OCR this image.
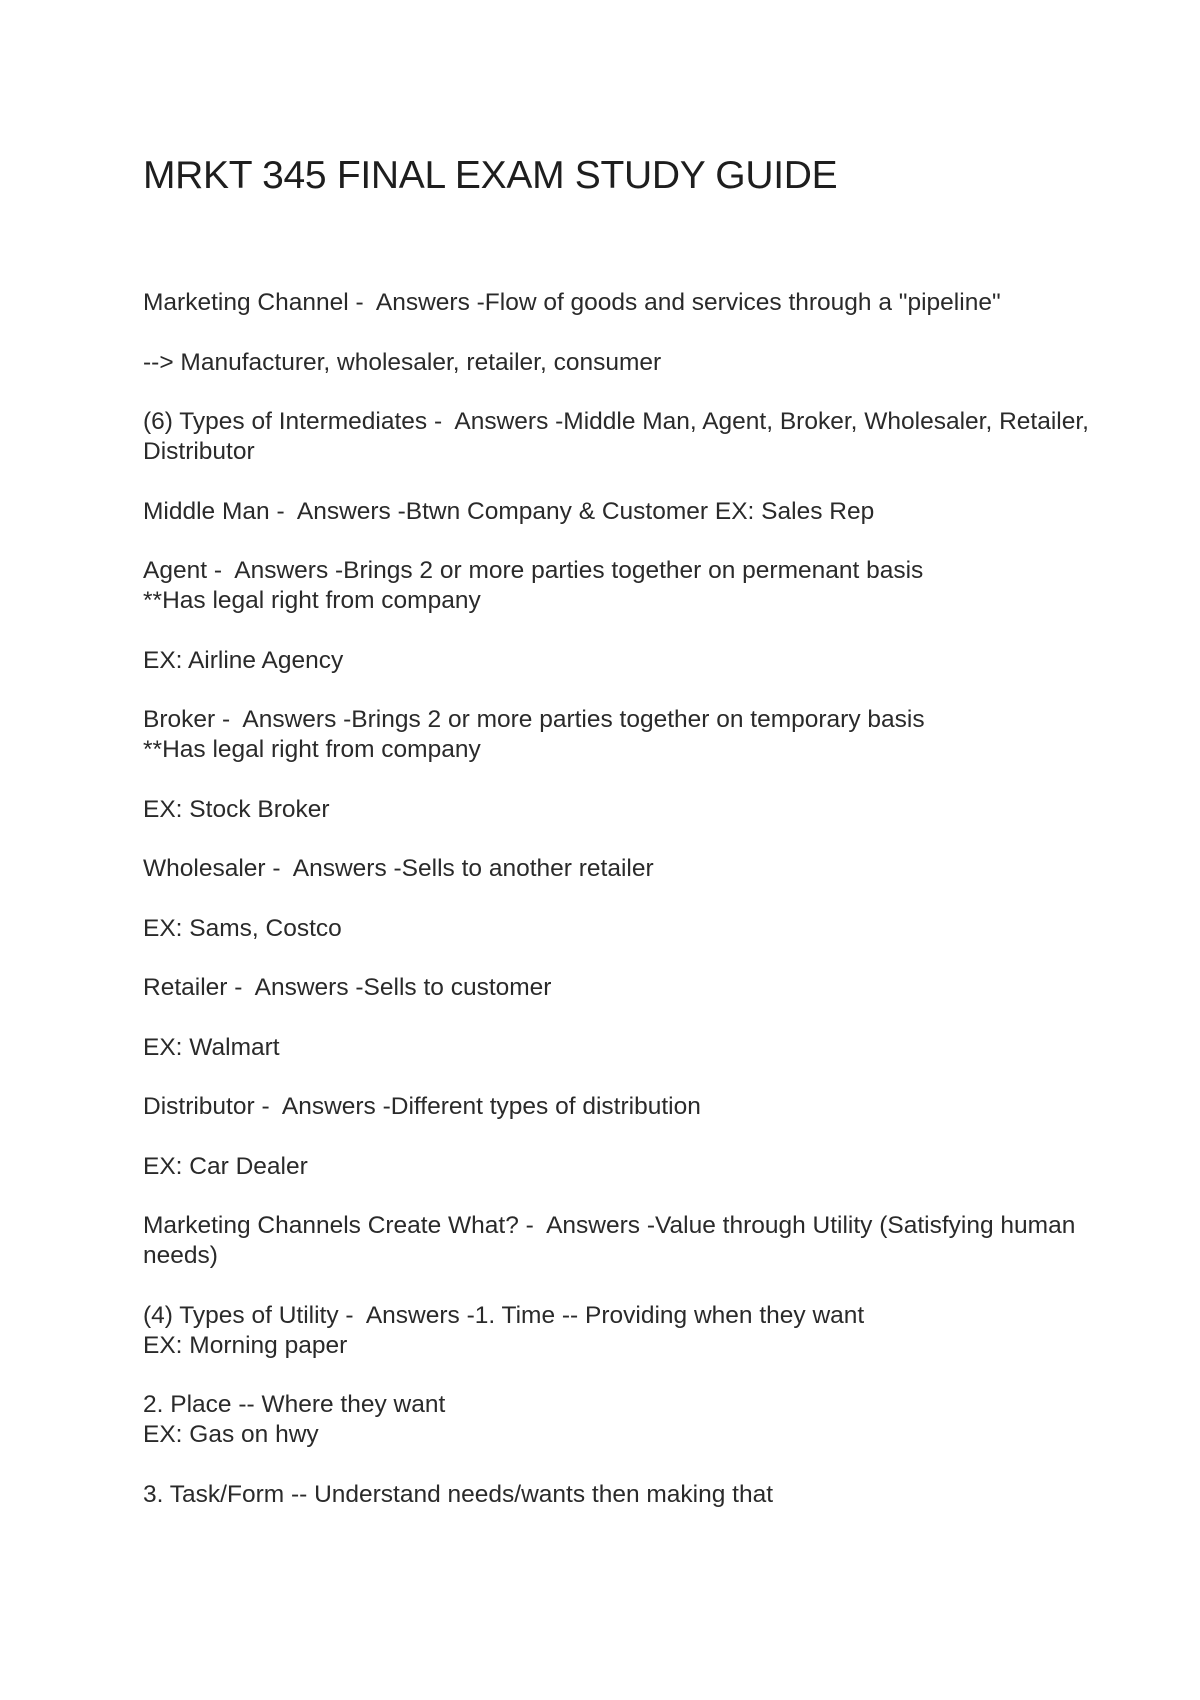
MRKT 345 FINAL EXAM STUDY GUIDE

Marketing Channel -  Answers -Flow of goods and services through a "pipeline"

--> Manufacturer, wholesaler, retailer, consumer

(6) Types of Intermediates -  Answers -Middle Man, Agent, Broker, Wholesaler, Retailer,
Distributor

Middle Man -  Answers -Btwn Company & Customer EX: Sales Rep

Agent -  Answers -Brings 2 or more parties together on permenant basis
**Has legal right from company

EX: Airline Agency

Broker -  Answers -Brings 2 or more parties together on temporary basis
**Has legal right from company

EX: Stock Broker

Wholesaler -  Answers -Sells to another retailer

EX: Sams, Costco

Retailer -  Answers -Sells to customer

EX: Walmart

Distributor -  Answers -Different types of distribution

EX: Car Dealer

Marketing Channels Create What? -  Answers -Value through Utility (Satisfying human
needs)

(4) Types of Utility -  Answers -1. Time -- Providing when they want
EX: Morning paper

2. Place -- Where they want
EX: Gas on hwy

3. Task/Form -- Understand needs/wants then making that
